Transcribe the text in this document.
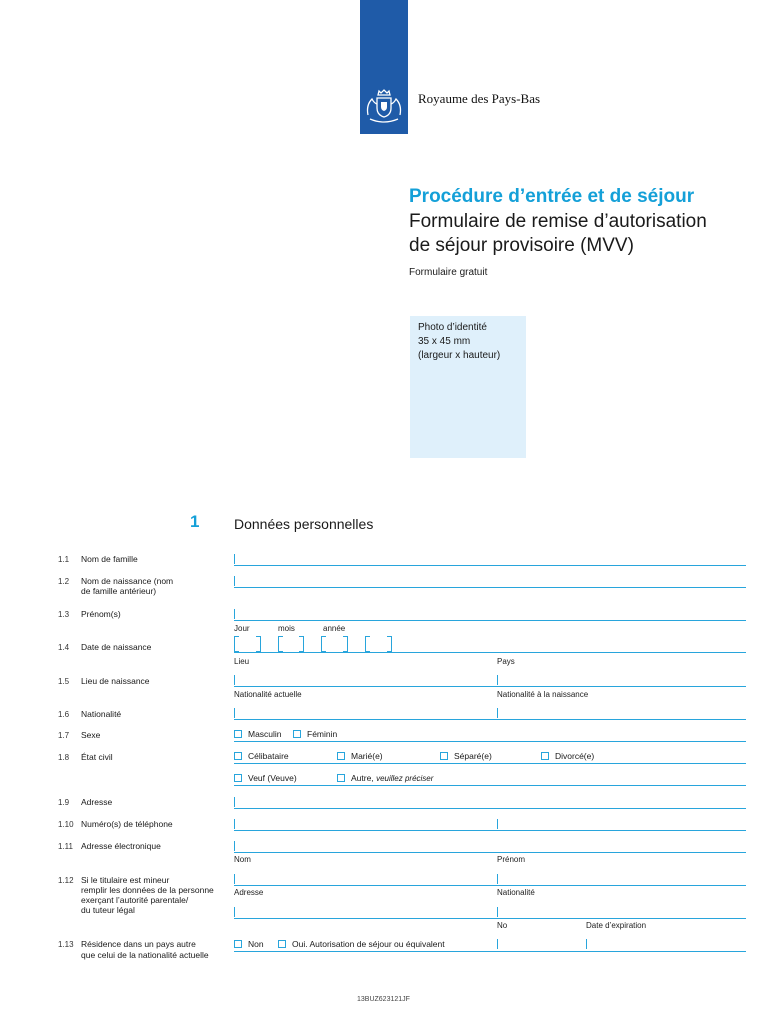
Royaume des Pays-Bas
Procédure d’entrée et de séjour
Formulaire de remise d’autorisation
de séjour provisoire (MVV)
Formulaire gratuit
Photo d’identité
35 x 45 mm
(largeur x hauteur)
1 Données personnelles
1.1 Nom de famille
1.2 Nom de naissance (nom
de famille antérieur)
1.3 Prénom(s)
Jour	mois	année
1.4 Date de naissance
Lieu	Pays
1.5 Lieu de naissance
Nationalité actuelle	Nationalité à la naissance
1.6 Nationalité
1.7 Sexe	Masculin	Féminin
1.8 État civil	Célibataire	Marié(e)	Séparé(e)	Divorcé(e)
Veuf (Veuve)	Autre,
veuillez préciser
1.9 Adresse
1.10 Numéro(s) de téléphone
1.11 Adresse électronique
Nom	Prénom
1.12 Si le titulaire est mineur
remplir les données de la personne
exerçant l’autorité parentale/
du tuteur légal
Adresse	Nationalité
No	Date d’expiration
1.13 Résidence dans un pays autre
que celui de la nationalité actuelle
Non	Oui. Autorisation de séjour ou équivalent
13BUZ623121JF
